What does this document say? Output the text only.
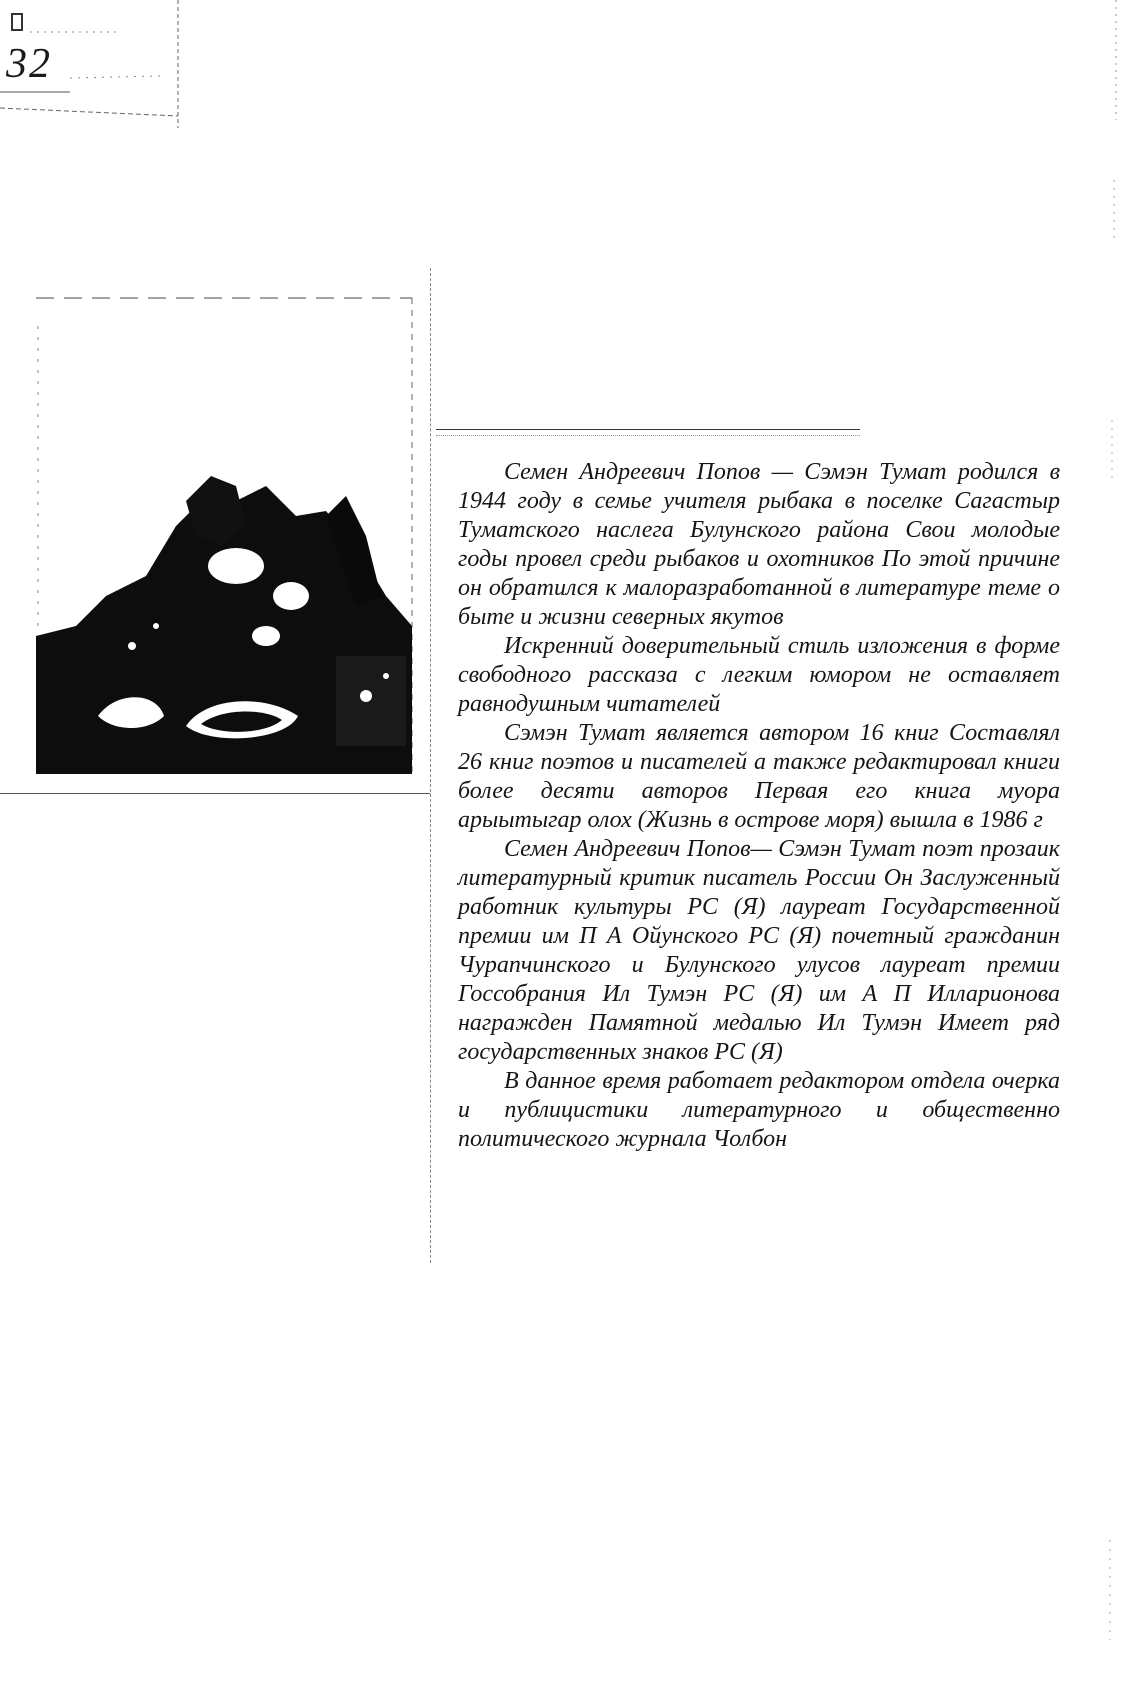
32

Семен Андреевич Попов — Сэмэн Тумат родился в 1944 году в семье учителя рыбака в поселке Сагастыр Туматского наслега Булунского района Свои молодые годы провел среди рыбаков и охотников По этой причине он обратился к малоразработанной в литературе теме о быте и жизни северных якутов

Искренний доверительный стиль изложения в форме свободного рассказа с легким юмором не оставляет равнодушным читателей

Сэмэн Тумат является автором 16 книг Составлял 26 книг поэтов и писателей а также редактировал книги более десяти авторов Первая его книга муора арыытыгар олох (Жизнь в острове моря) вышла в 1986 г

Семен Андреевич Попов— Сэмэн Тумат поэт прозаик литературный критик писатель России Он Заслуженный работник культуры РС (Я) лауреат Государственной премии им П А Ойунского РС (Я) почетный гражданин Чурапчинского и Булунского улусов лауреат премии Госсобрания Ил Тумэн РС (Я) им А П Илларионова награжден Памятной медалью Ил Тумэн Имеет ряд государственных знаков РС (Я)

В данное время работает редактором отдела очерка и публицистики литературного и общественно политического журнала Чолбон
